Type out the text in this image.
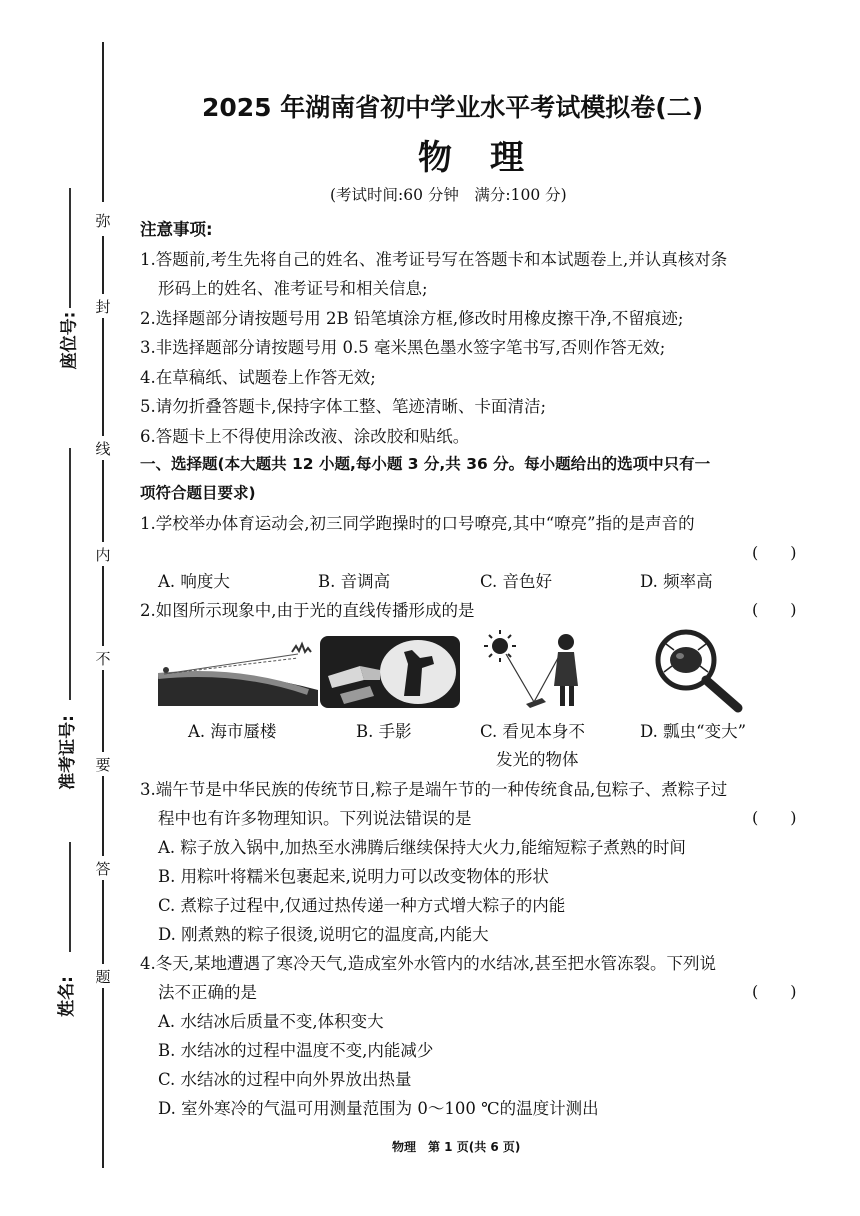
弥
封
线
内
不
要
答
题
座位号:
准考证号:
姓名:
2025 年湖南省初中学业水平考试模拟卷(二)
物理
(考试时间:60 分钟　满分:100 分)
注意事项:
1.答题前,考生先将自己的姓名、准考证号写在答题卡和本试题卷上,并认真核对条
形码上的姓名、准考证号和相关信息;
2.选择题部分请按题号用 2B 铅笔填涂方框,修改时用橡皮擦干净,不留痕迹;
3.非选择题部分请按题号用 0.5 毫米黑色墨水签字笔书写,否则作答无效;
4.在草稿纸、试题卷上作答无效;
5.请勿折叠答题卡,保持字体工整、笔迹清晰、卡面清洁;
6.答题卡上不得使用涂改液、涂改胶和贴纸。
一、选择题(本大题共 12 小题,每小题 3 分,共 36 分。每小题给出的选项中只有一
项符合题目要求)
1.学校举办体育运动会,初三同学跑操时的口号嘹亮,其中“嘹亮”指的是声音的
(　　)
A. 响度大	B. 音调高	C. 音色好	D. 频率高
2.如图所示现象中,由于光的直线传播形成的是	(　　)
A. 海市蜃楼	B. 手影	C. 看见本身不
发光的物体
D. 瓢虫“变大”
3.端午节是中华民族的传统节日,粽子是端午节的一种传统食品,包粽子、煮粽子过
程中也有许多物理知识。下列说法错误的是	(　　)
A. 粽子放入锅中,加热至水沸腾后继续保持大火力,能缩短粽子煮熟的时间
B. 用粽叶将糯米包裹起来,说明力可以改变物体的形状
C. 煮粽子过程中,仅通过热传递一种方式增大粽子的内能
D. 刚煮熟的粽子很烫,说明它的温度高,内能大
4.冬天,某地遭遇了寒冷天气,造成室外水管内的水结冰,甚至把水管冻裂。下列说
法不正确的是	(　　)
A. 水结冰后质量不变,体积变大
B. 水结冰的过程中温度不变,内能减少
C. 水结冰的过程中向外界放出热量
D. 室外寒冷的气温可用测量范围为 0～100 ℃的温度计测出
物理　第 1 页(共 6 页)
